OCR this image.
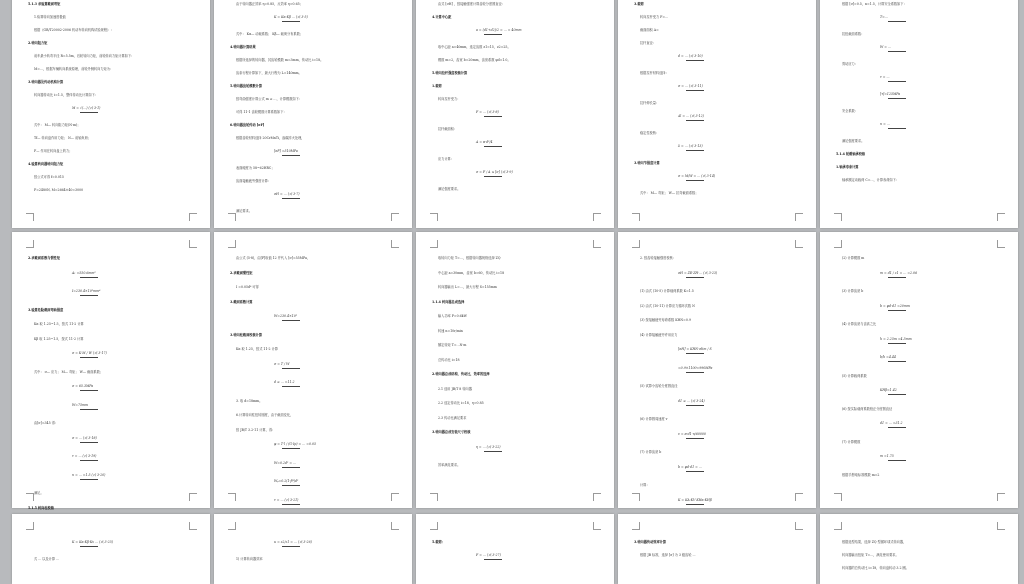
5.1.3 求验算截面弯矩
1.验算转向加速度极值
根据《GB/T20002-2006 机动车转向机构试验规程》 :
2.转向阻力矩
前车最小转弯半径 R=5.5m，后轮转向力矩，前轮转向力矩计算如下：
M=...，根据车辆转向系统原理，前轮外侧转向力矩为：
3.转向器及传动机构计算
转向器传动比 i=1.5，整体传动比计算如下：
M = √(...) (式 3-1)
式中： M— 转向阻力矩(N·m)；
Tf— 转向盘作用力矩； N— 前轴负荷；
F— 作用在转向盘上的力；
4.验算转向器转向阻力矩
按公式可得 f=0.015
F=2480N, M=2664×40=3000
由于转向器正效率 η=0.85，反效率 η=0.65；
K = Kα·Kβ ... (式 3-5)
式中： Kα— 动载系数； Kβ— 载荷分布系数；
4.转向器计算结果
根据所选择的转向器，其齿轮模数 m=3mm，传动比 i=18。
齿条行程计算如下，最大行程为 L=140mm。
5.转向器齿轮模数计算
按弯曲强度计算公式 m ≥ ...，计算模数如下：
可得 11-1 齿轮模数计算系数如下：
6.转向器齿轮传动 [σF]
根据齿轮材料选择 20CrMnTi，渗碳淬火处理，
[σF] =510MPa
表面硬度为 58~62HRC；
齿面接触疲劳强度计算：
σH = ... (式 3-7)
满足要求。
由式 [σH] ，按接触强度计算齿轮分度圆直径：
4.计算中心距
a = (d1+d2)/2 = ... = 40mm
取中心距 a=40mm，选定齿数 z1=15，z2=25。
模数 m=2，齿宽 b=20mm，齿宽系数 φd=1.0。
5.转向拉杆强度校核计算
1.载荷
转向拉杆受力：
F = ... (式 3-8)
拉杆截面积：
A = π·d²/4
应力计算：
σ = F / A ≤ [σ] (式 3-9)
满足强度要求。
3.载荷
转向拉杆受力 F=...
截面面积 A=
拉杆直径：
d = ... (式 3-10)
根据拉杆材料选择：
σ = ... (式 3-11)
拉杆伸长量：
Δl = ... (式 3-12)
稳定性校核：
λ = ... (式 3-13)
3.转向节强度计算
σ = M/W = ... (式 3-14)
式中： M— 弯矩； W— 抗弯截面系数；
根据 [σ]=0.5，n=1.5，计算安全系数如下：
T=...
抗扭截面系数：
W = ...
剪切应力：
τ = ...
[τ]=125MPa
安全系数：
n = ...
满足强度要求。
5.1.4 轮毂轴承校核
1.轴承寿命计算
轴承额定动载荷 C=...，计算寿命如下：
2.求截面系数与惯性矩
A₁ =550.6mm²
I=230.4×10³mm⁴
3.验算危险截面弯曲强度
Kα 取 1.25~1.5，按式 11-2 计算
Kβ 取 1.25~1.5，按式 11-2 计算
σ = K·M / W (式 3-17)
式中： σ— 应力； M— 弯矩； W— 截面系数；
σ = 65.3MPa
W=75mm
由[σ]=345 得：
σ = ... (式 3-18)
τ = ... (式 3-19)
n = ... =1.5 (式 3-20)
满足。
5.1.5 转向柱校核
由公式 (5-8)，由[F]取值 12 并代入 [σ]=55MPa，
2.求截面惯性矩
I =0.05d⁴ 可得
3.截面系数计算
W=230.4×10³
3.转向柱截面校核计算
Kα 取 1.25，按式 11-2 计算
σ = T / W
d ≥ ... =11.2
3. 取 d=18mm。
6.计算转向柱扭转刚度，由于截面变化，
按 JB/T 3.2-11 计算，得：
φ = T·l / (G·Ip) = ... =0.05
W=0.2d³ = ...
Wₚ=0.2(1-β⁴)d³
τ = ... (式 3-21)
取转向力矩 T=...，根据转向器规格选择 ZQ
中心距 a=30mm，齿宽 b=60，传动比 i=18
转向器输出 L=...，最大行程 S=155mm
1.1.4 转向器总成选择
输入功率 P=0.6kW
转速 n=10r/min
额定转矩 T=...N·m
总传动比 i=18
2.转向器总成结构，传动比，效率的选择
2.1 选用 JB/T 8 转向器
2.2 选定传动比 i=18，η=0.85
2.3 传动比满足要求
3.转向器总成安装尺寸校核
η = ... (式 3-22)
效率满足要求。
2. 按齿轮接触强度校核：
σH = ZE·ZH·... (式 3-23)
(1) 由式 (10-5) 计算载荷系数 K=1.5
(2) 由式 (10-11) 计算应力循环次数 N
(3) 按接触疲劳寿命系数 KHN=0.9
(4) 计算接触疲劳许用应力
[σH] = KHN·σlim / S
=0.9×1100=990MPa
(5) 试算小齿轮分度圆直径
d1 ≥ ... (式 3-24)
(6) 计算圆周速度 v
v = π·d1·n/60000
(7) 计算齿宽 b
b = φd·d1 = ...
计算：
K = KA·KV·KHα·KHβ
(2) 计算模数 m
m = d1 / z1 = ... =2.06
(3) 计算齿宽 b
b = φd·d1 =20mm
(4) 计算齿宽与齿高之比
h = 2.25m =4.5mm
b/h =4.44
(5) 计算载荷系数
KHβ=1.42
(6) 按实际载荷系数校正分度圆直径
d1 = ... =31.2
(7) 计算模数
m =1.75
根据手册取标准模数 m=2
K = Kα·Kβ·Kv ... (式 3-25)
式 ... 以及计算 ...
u = z2/z1 = ... (式 3-26)
1) 计算转向器效率
5.载荷：
F = ... (式 3-27)
3.转向器传动效率计算
根据 JB 标准，选择 [σ] 为 3 级齿轮 ...
根据选型结果，选择 ZQ 型循环球式转向器，
转向器输出扭矩 T=...，满足使用要求。
转向器的总传动比 i=18，转向盘转动 3.2 圈。
